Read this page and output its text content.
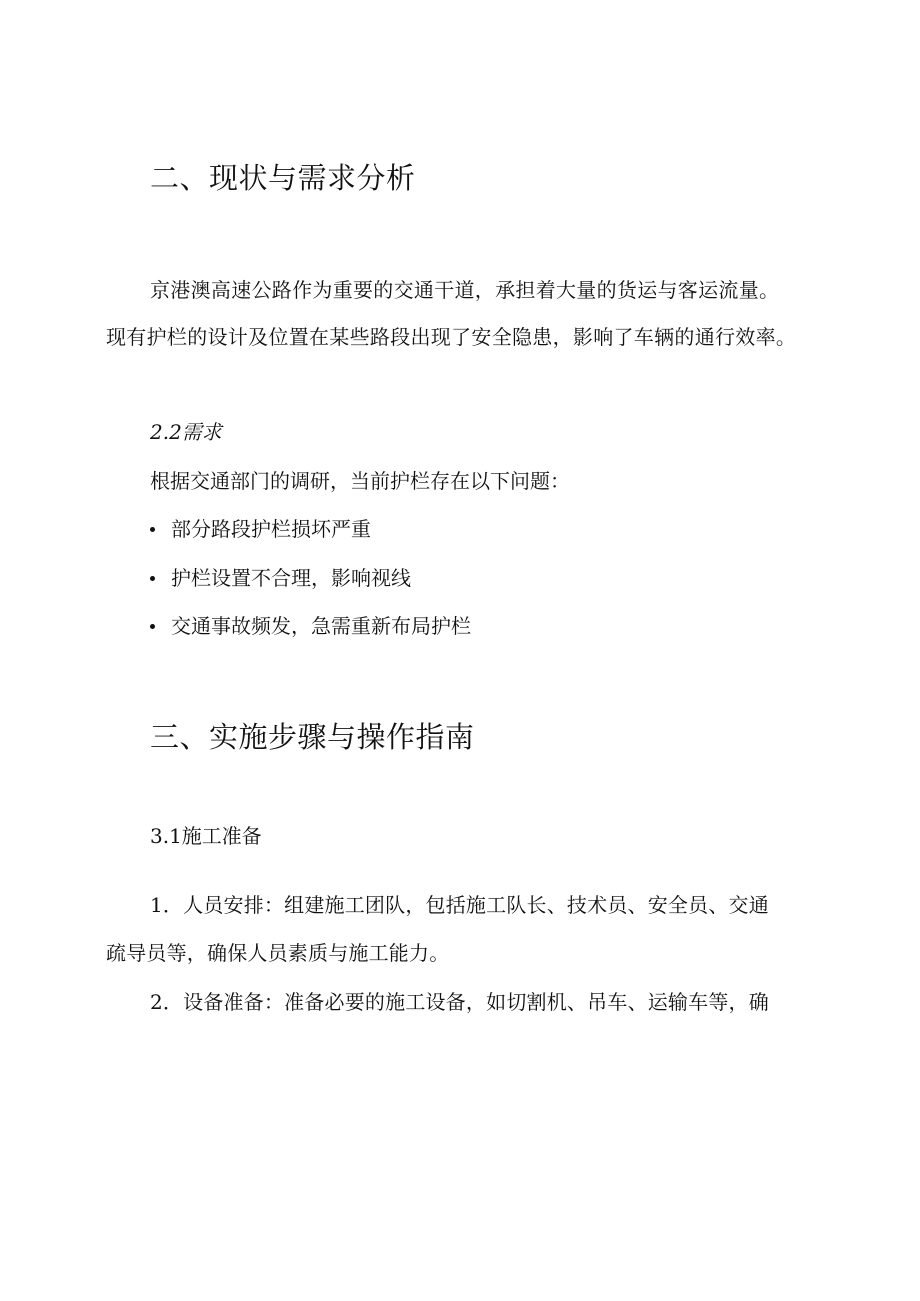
二、现状与需求分析

京港澳高速公路作为重要的交通干道，承担着大量的货运与客运流量。

现有护栏的设计及位置在某些路段出现了安全隐患，影响了车辆的通行效率。

2.2需求

根据交通部门的调研，当前护栏存在以下问题：

部分路段护栏损坏严重
护栏设置不合理，影响视线
交通事故频发，急需重新布局护栏
三、实施步骤与操作指南

3.1施工准备

1．人员安排：组建施工团队，包括施工队长、技术员、安全员、交通

疏导员等，确保人员素质与施工能力。

2．设备准备：准备必要的施工设备，如切割机、吊车、运输车等，确
